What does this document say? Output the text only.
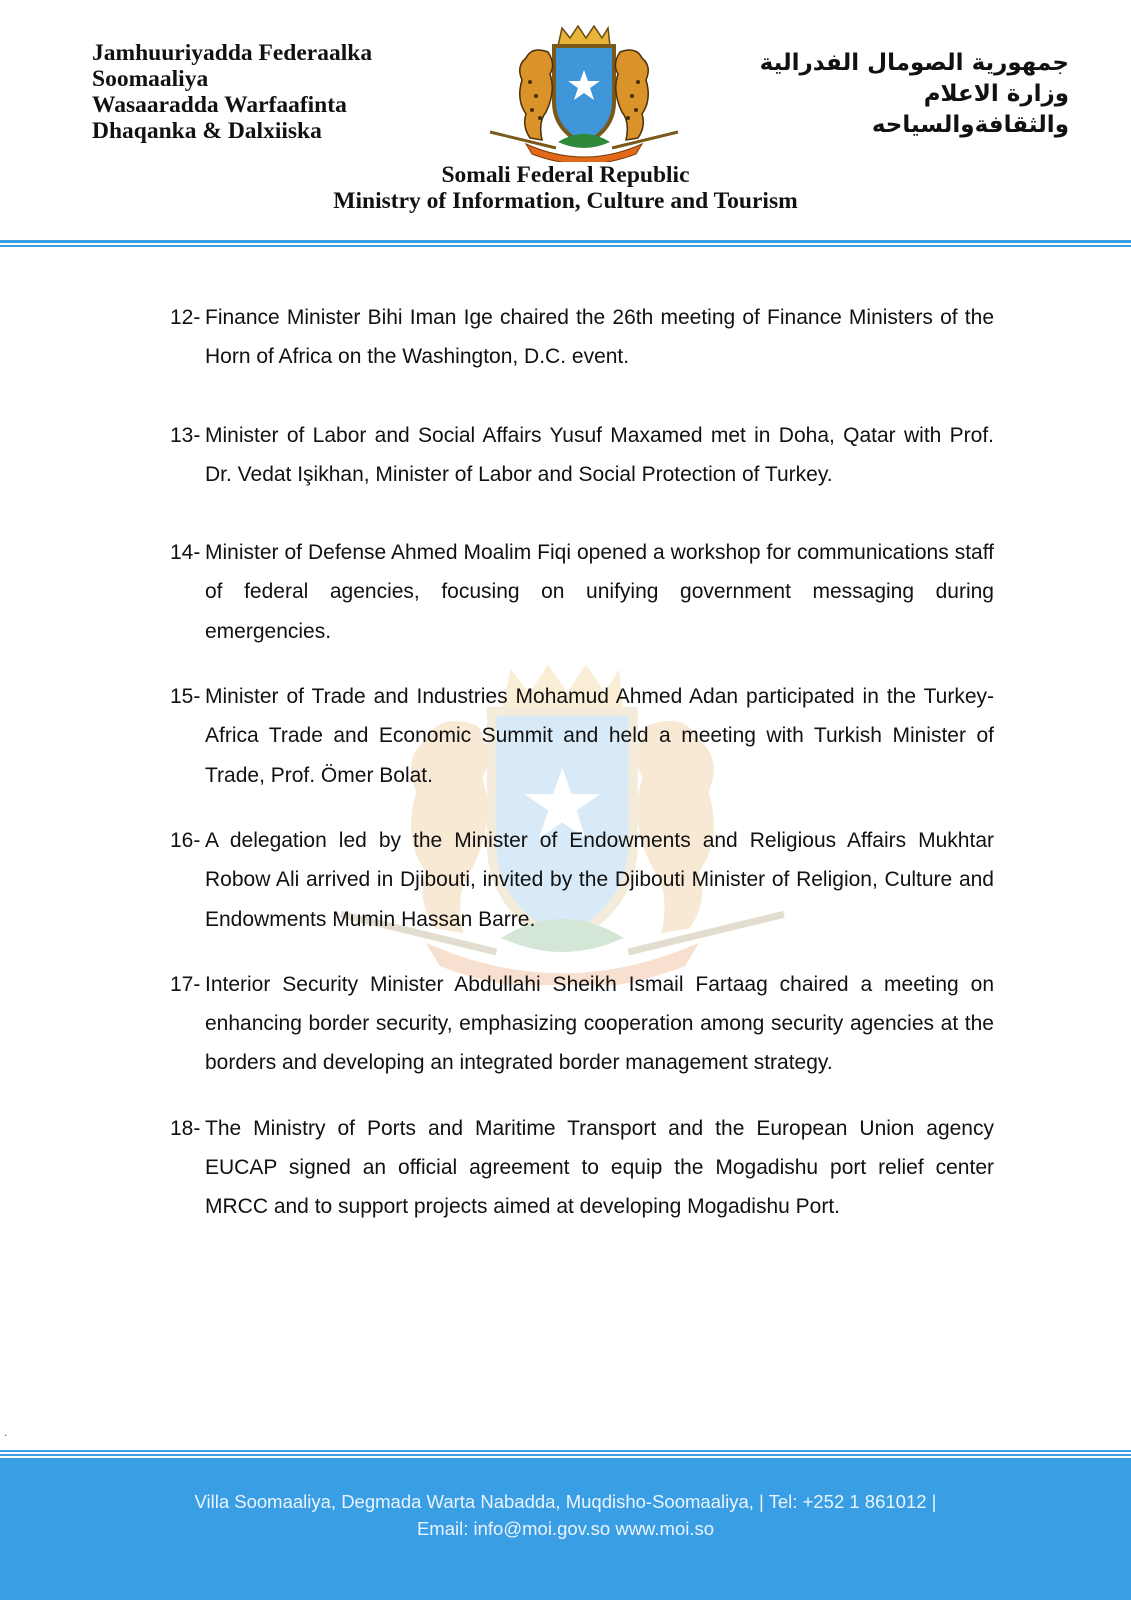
Jamhuuriyadda Federaalka
Soomaaliya
Wasaaradda Warfaafinta
Dhaqanka & Dalxiiska
جمهورية الصومال الفدرالية
وزارة الاعلام
والثقافةوالسياحه
Somali Federal Republic
Ministry of Information, Culture and Tourism
12- Finance Minister Bihi Iman Ige chaired the 26th meeting of Finance Ministers of the Horn of Africa on the Washington, D.C. event.
13- Minister of Labor and Social Affairs Yusuf Maxamed met in Doha, Qatar with Prof. Dr. Vedat Işikhan, Minister of Labor and Social Protection of Turkey.
14- Minister of Defense Ahmed Moalim Fiqi opened a workshop for communications staff of federal agencies, focusing on unifying government messaging during emergencies.
15- Minister of Trade and Industries Mohamud Ahmed Adan participated in the Turkey-Africa Trade and Economic Summit and held a meeting with Turkish Minister of Trade, Prof. Ömer Bolat.
16- A delegation led by the Minister of Endowments and Religious Affairs Mukhtar Robow Ali arrived in Djibouti, invited by the Djibouti Minister of Religion, Culture and Endowments Mumin Hassan Barre.
17- Interior Security Minister Abdullahi Sheikh Ismail Fartaag chaired a meeting on enhancing border security, emphasizing cooperation among security agencies at the borders and developing an integrated border management strategy.
18- The Ministry of Ports and Maritime Transport and the European Union agency EUCAP signed an official agreement to equip the Mogadishu port relief center MRCC and to support projects aimed at developing Mogadishu Port.
.
Villa Soomaaliya, Degmada Warta Nabadda, Muqdisho-Soomaaliya, | Tel: +252 1 861012 |
Email: info@moi.gov.so www.moi.so
